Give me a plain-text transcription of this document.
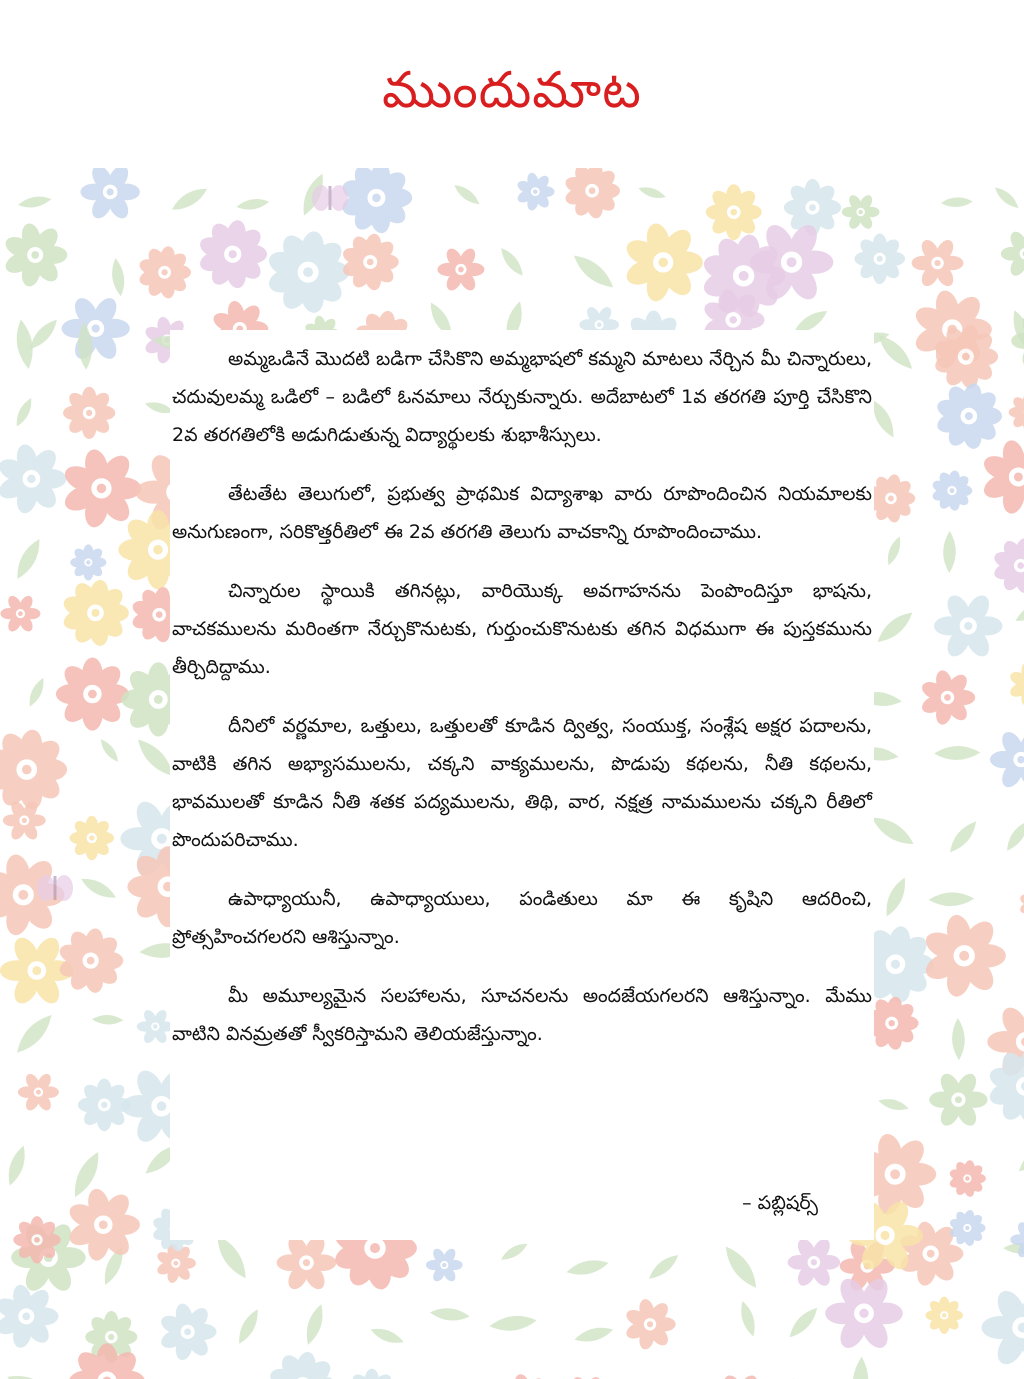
ముందుమాట

అమ్మఒడినే మొదటి బడిగా చేసికొని అమ్మభాషలో కమ్మని మాటలు నేర్చిన మీ చిన్నారులు, చదువులమ్మ ఒడిలో – బడిలో ఓనమాలు నేర్చుకున్నారు. అదేబాటలో 1వ తరగతి పూర్తి చేసికొని 2వ తరగతిలోకి అడుగిడుతున్న విద్యార్థులకు శుభాశీస్సులు.

తేటతేట తెలుగులో, ప్రభుత్వ ప్రాథమిక విద్యాశాఖ వారు రూపొందించిన నియమాలకు అనుగుణంగా, సరికొత్తరీతిలో ఈ 2వ తరగతి తెలుగు వాచకాన్ని రూపొందించాము.

చిన్నారుల స్థాయికి తగినట్లు, వారియొక్క అవగాహనను పెంపొందిస్తూ భాషను, వాచకములను మరింతగా నేర్చుకొనుటకు, గుర్తుంచుకొనుటకు తగిన విధముగా ఈ పుస్తకమును తీర్చిదిద్దాము.

దీనిలో వర్ణమాల, ఒత్తులు, ఒత్తులతో కూడిన ద్విత్వ, సంయుక్త, సంశ్లేష అక్షర పదాలను, వాటికి తగిన అభ్యాసములను, చక్కని వాక్యములను, పొడుపు కథలను, నీతి కథలను, భావములతో కూడిన నీతి శతక పద్యములను, తిథి, వార, నక్షత్ర నామములను చక్కని రీతిలో పొందుపరిచాము.

ఉపాధ్యాయునీ, ఉపాధ్యాయులు, పండితులు మా ఈ కృషిని ఆదరించి, ప్రోత్సహించగలరని ఆశిస్తున్నాం.

మీ అమూల్యమైన సలహాలను, సూచనలను అందజేయగలరని ఆశిస్తున్నాం. మేము వాటిని వినమ్రతతో స్వీకరిస్తామని తెలియజేస్తున్నాం.

– పబ్లిషర్స్
